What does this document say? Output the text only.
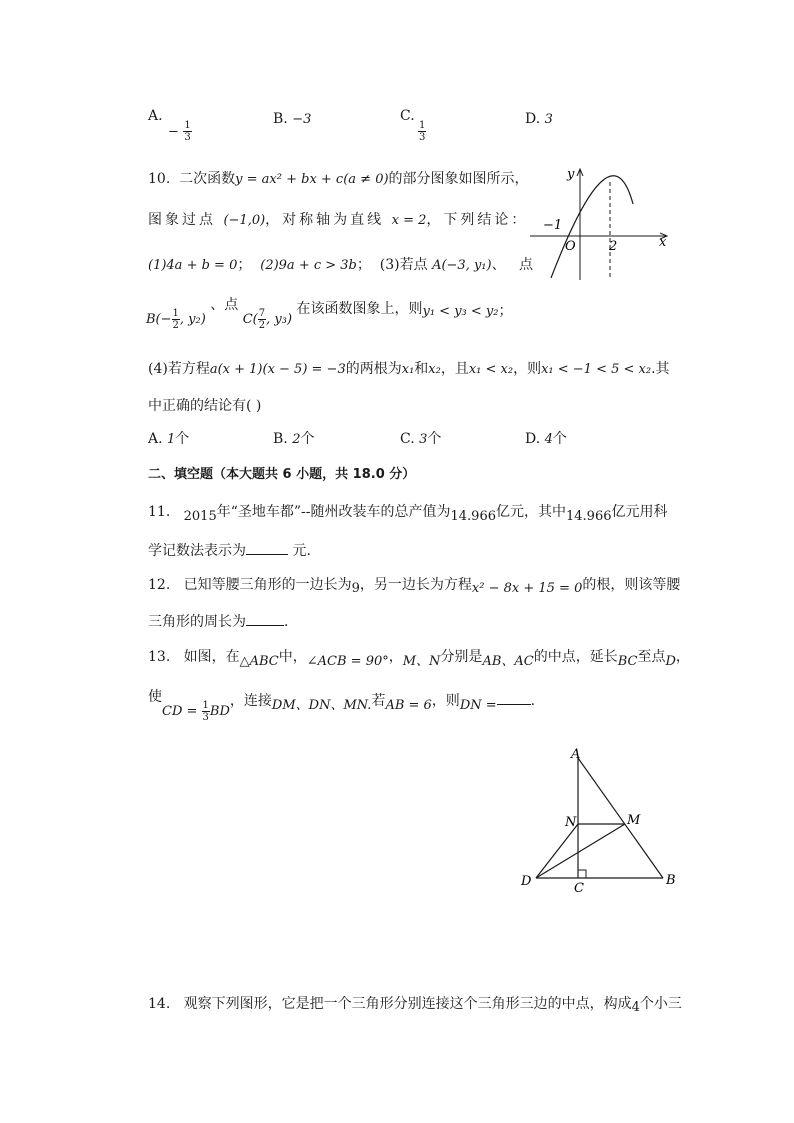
A.
− $\frac{1}{3}$
B. −3	C.
$\frac{1}{3}$
D. 3
10. 二次函数y = ax² + bx + c(a ≠ 0)的部分图象如图所示，
图象过点 (−1,0)，对称轴为直线 x = 2，下列结论：
(1)4a + b = 0； (2)9a + c > 3b； (3)若点 A(−3, y₁)、 点
$B(- \frac{1}{2}$ , y₂) 、点 $C( \frac{7}{2}$ , y₃) 在该函数图象上，则y₁ < y₃ < y₂；
(4)若方程a(x + 1)(x − 5) = −3的两根为x₁和x₂，且x₁ < x₂，则x₁ < −1 < 5 < x₂.其
中正确的结论有( )
A. 1个	B. 2个	C. 3个	D. 4个
y
x
O
−1
2
二、填空题（本大题共 6 小题，共 18.0 分）
11. 2015年“圣地车都”--随州改装车的总产值为14.966亿元，其中14.966亿元用科
学记数法表示为	元.
12. 已知等腰三角形的一边长为9，另一边长为方程x² − 8x + 15 = 0的根，则该等腰
三角形的周长为	.
13. 如图，在△ABC中，∠ACB = 90°，M、N分别是AB、AC的中点，延长BC至点D，
使CD = $\frac{1}{3}$ BD，连接DM、DN、MN.若AB = 6，则DN = .
A
B
C
D
M
N
14. 观察下列图形，它是把一个三角形分别连接这个三角形三边的中点，构成4个小三
